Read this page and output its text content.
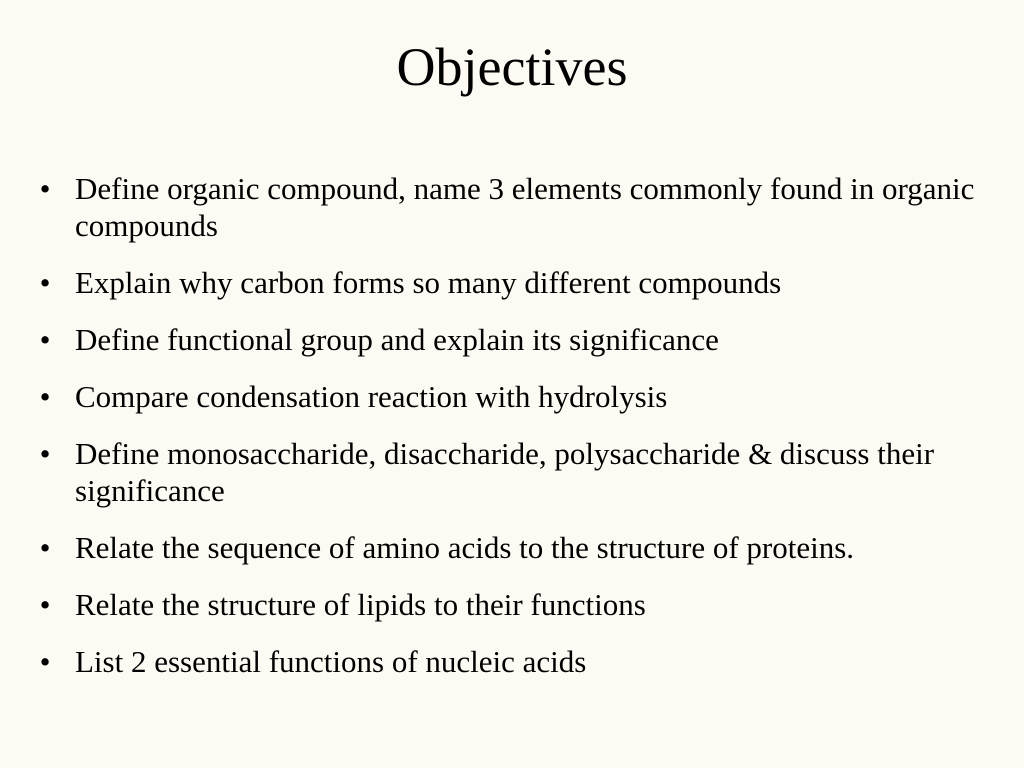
Objectives
• Define organic compound, name 3 elements commonly found in organic compounds
• Explain why carbon forms so many different compounds
• Define functional group and explain its significance
• Compare condensation reaction with hydrolysis
• Define monosaccharide, disaccharide, polysaccharide & discuss their significance
• Relate the sequence of amino acids to the structure of proteins.
• Relate the structure of lipids to their functions
• List 2 essential functions of nucleic acids
